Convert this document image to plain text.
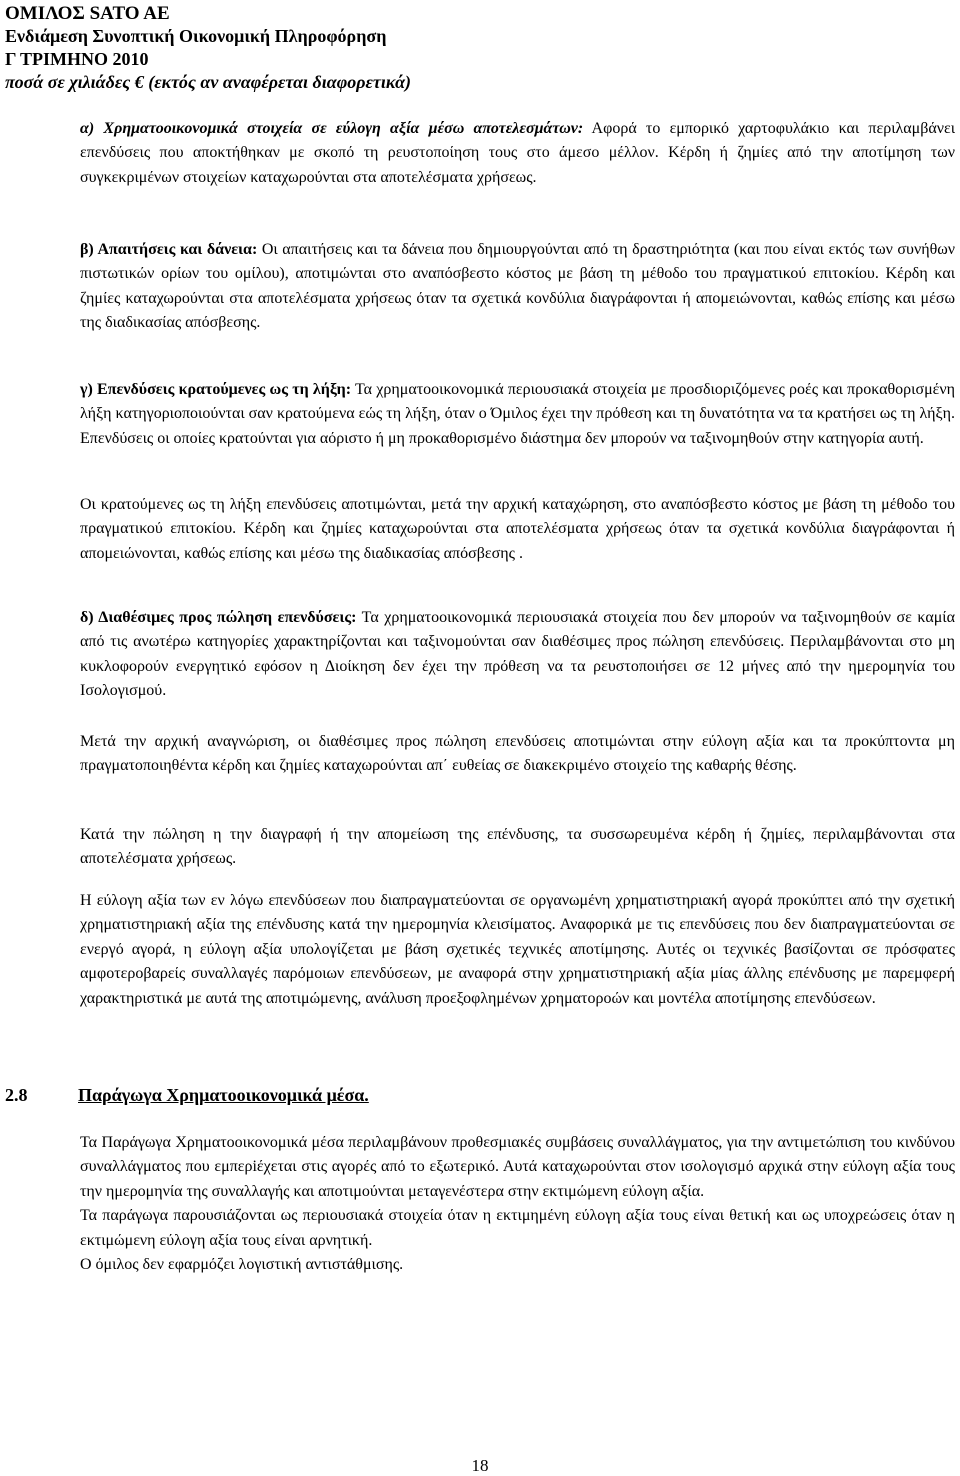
ΟΜΙΛΟΣ SATO AE
Ενδιάμεση Συνοπτική Οικονομική Πληροφόρηση
Γ ΤΡΙΜΗΝΟ 2010
ποσά σε χιλιάδες € (εκτός αν αναφέρεται διαφορετικά)

α) Χρηματοοικονομικά στοιχεία σε εύλογη αξία μέσω αποτελεσμάτων: Αφορά το εμπορικό χαρτοφυλάκιο και περιλαμβάνει επενδύσεις που αποκτήθηκαν με σκοπό τη ρευστοποίηση τους στο άμεσο μέλλον. Κέρδη ή ζημίες από την αποτίμηση των συγκεκριμένων στοιχείων καταχωρούνται στα αποτελέσματα χρήσεως.

β) Απαιτήσεις και δάνεια: Οι απαιτήσεις και τα δάνεια που δημιουργούνται από τη δραστηριότητα (και που είναι εκτός των συνήθων πιστωτικών ορίων του ομίλου), αποτιμώνται στο αναπόσβεστο κόστος με βάση τη μέθοδο του πραγματικού επιτοκίου. Κέρδη και ζημίες καταχωρούνται στα αποτελέσματα χρήσεως όταν τα σχετικά κονδύλια διαγράφονται ή απομειώνονται, καθώς επίσης και μέσω της διαδικασίας απόσβεσης.

γ) Επενδύσεις κρατούμενες ως τη λήξη: Τα χρηματοοικονομικά περιουσιακά στοιχεία με προσδιοριζόμενες ροές και προκαθορισμένη λήξη κατηγοριοποιούνται σαν κρατούμενα εώς τη λήξη, όταν ο Όμιλος έχει την πρόθεση και τη δυνατότητα να τα κρατήσει ως τη λήξη. Επενδύσεις οι οποίες κρατούνται για αόριστο ή μη προκαθορισμένο διάστημα δεν μπορούν να ταξινομηθούν στην κατηγορία αυτή.

Οι κρατούμενες ως τη λήξη επενδύσεις αποτιμώνται, μετά την αρχική καταχώρηση, στο αναπόσβεστο κόστος με βάση τη μέθοδο του πραγματικού επιτοκίου. Κέρδη και ζημίες καταχωρούνται στα αποτελέσματα χρήσεως όταν τα σχετικά κονδύλια διαγράφονται ή απομειώνονται, καθώς επίσης και μέσω της διαδικασίας απόσβεσης .

δ) Διαθέσιμες προς πώληση επενδύσεις: Τα χρηματοοικονομικά περιουσιακά στοιχεία που δεν μπορούν να ταξινομηθούν σε καμία από τις ανωτέρω κατηγορίες χαρακτηρίζονται και ταξινομούνται σαν διαθέσιμες προς πώληση επενδύσεις. Περιλαμβάνονται στο μη κυκλοφορούν ενεργητικό εφόσον η Διοίκηση δεν έχει την πρόθεση να τα ρευστοποιήσει σε 12 μήνες από την ημερομηνία του Ισολογισμού.

Μετά την αρχική αναγνώριση, οι διαθέσιμες προς πώληση επενδύσεις αποτιμώνται στην εύλογη αξία και τα προκύπτοντα μη πραγματοποιηθέντα κέρδη και ζημίες καταχωρούνται απ΄ ευθείας σε διακεκριμένο στοιχείο της καθαρής θέσης.

Κατά την πώληση η την διαγραφή ή την απομείωση της επένδυσης, τα συσσωρευμένα κέρδη ή ζημίες, περιλαμβάνονται στα αποτελέσματα χρήσεως.

Η εύλογη αξία των εν λόγω επενδύσεων που διαπραγματεύονται σε οργανωμένη χρηματιστηριακή αγορά προκύπτει από την σχετική χρηματιστηριακή αξία της επένδυσης κατά την ημερομηνία κλεισίματος. Αναφορικά με τις επενδύσεις που δεν διαπραγματεύονται σε ενεργό αγορά, η εύλογη αξία υπολογίζεται με βάση σχετικές τεχνικές αποτίμησης. Αυτές οι τεχνικές βασίζονται σε πρόσφατες αμφοτεροβαρείς συναλλαγές παρόμοιων επενδύσεων, με αναφορά στην χρηματιστηριακή αξία μίας άλλης επένδυσης με παρεμφερή χαρακτηριστικά με αυτά της αποτιμώμενης, ανάλυση προεξοφλημένων χρηματοροών και μοντέλα αποτίμησης επενδύσεων.

2.8	Παράγωγα Χρηματοοικονομικά μέσα.

Τα Παράγωγα Χρηματοοικονομικά μέσα περιλαμβάνουν προθεσμιακές συμβάσεις συναλλάγματος, για την αντιμετώπιση του κινδύνου συναλλάγματος που εμπερiέχεται στις αγορές από το εξωτερικό. Αυτά καταχωρούνται στον ισολογισμό αρχικά στην εύλογη αξία τους την ημερομηνία της συναλλαγής και αποτιμούνται μεταγενέστερα στην εκτιμώμενη εύλογη αξία.

Τα παράγωγα παρουσιάζονται ως περιουσιακά στοιχεία όταν η εκτιμημένη εύλογη αξία τους είναι θετική και ως υποχρεώσεις όταν η εκτιμώμενη εύλογη αξία τους είναι αρνητική.

Ο όμιλος δεν εφαρμόζει λογιστική αντιστάθμισης.

18
